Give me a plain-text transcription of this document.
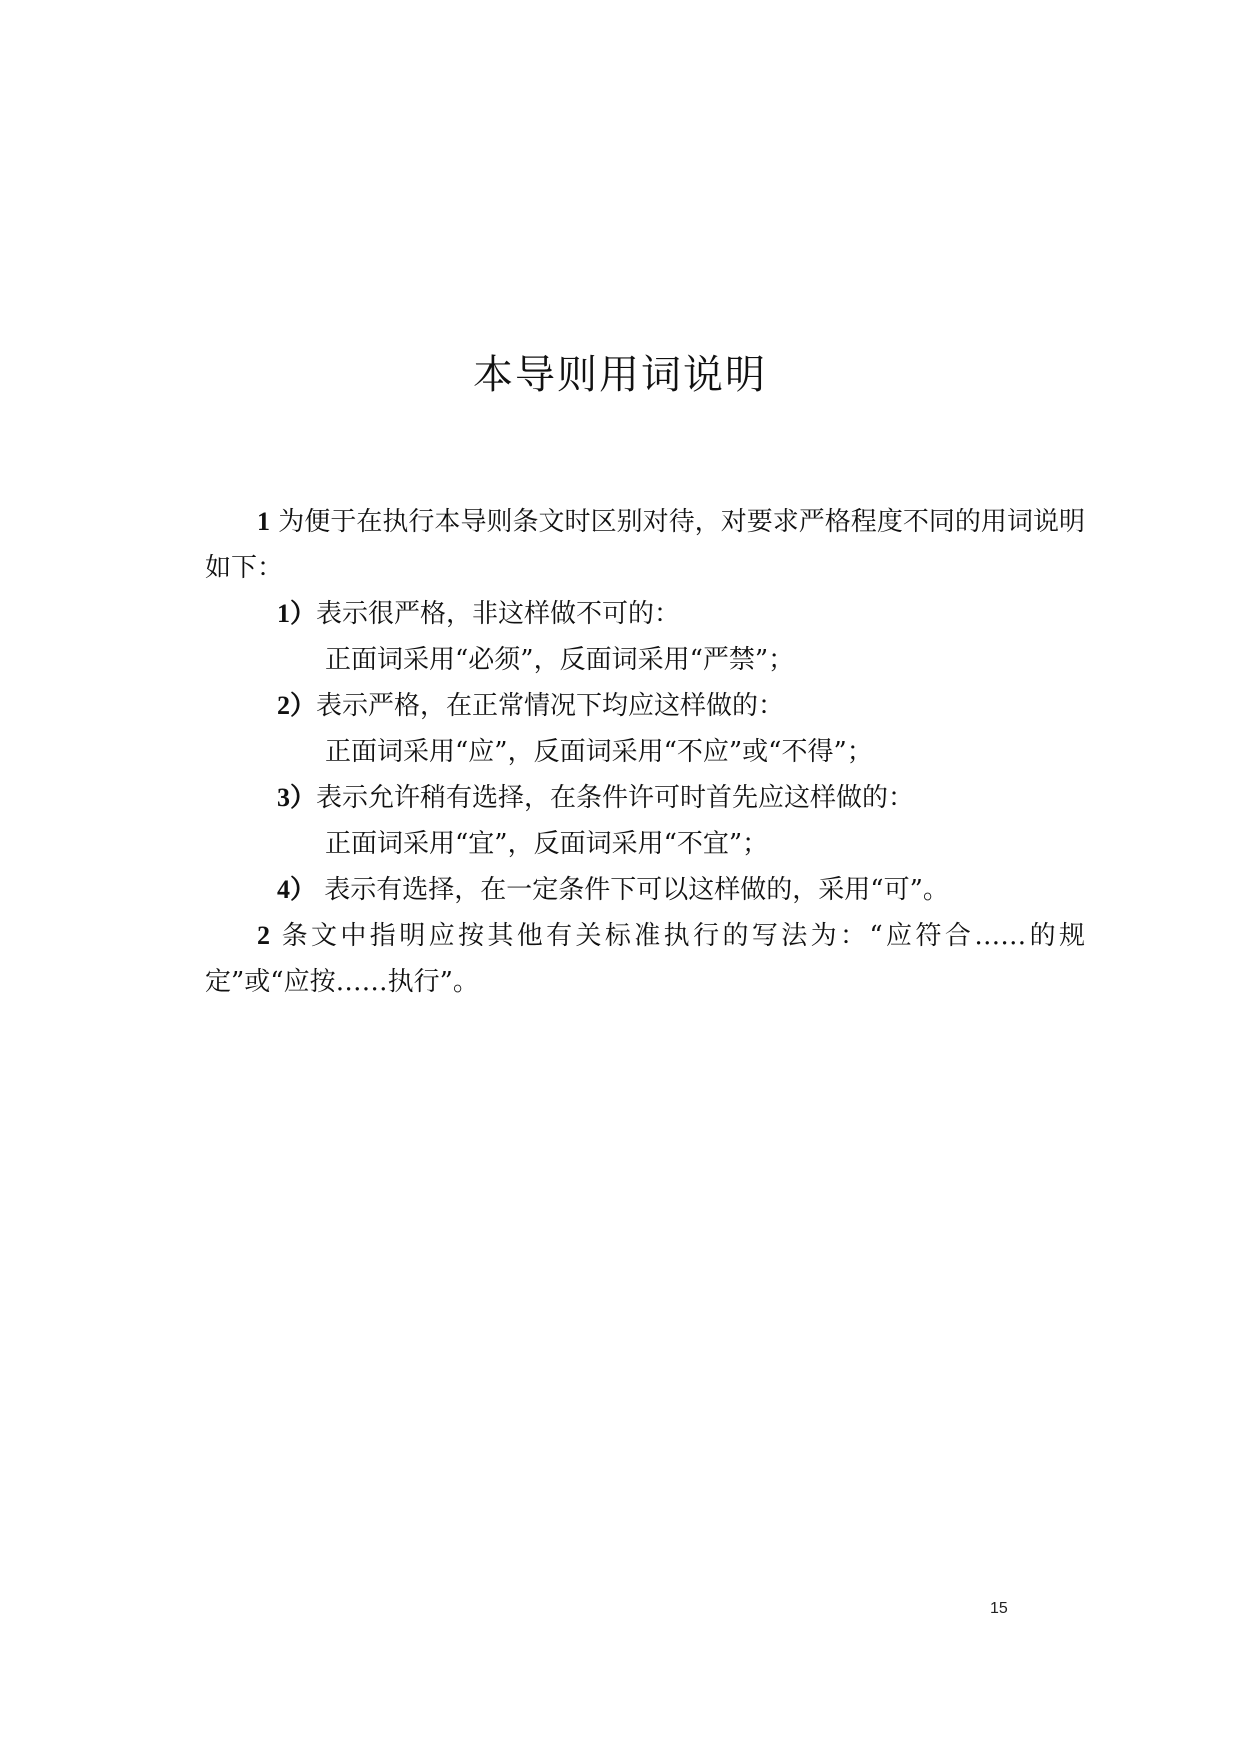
本导则用词说明

1 为便于在执行本导则条文时区别对待，对要求严格程度不同的用词说明如下：

1）表示很严格，非这样做不可的：

正面词采用“必须”，反面词采用“严禁”；

2）表示严格，在正常情况下均应这样做的：

正面词采用“应”，反面词采用“不应”或“不得”；

3）表示允许稍有选择，在条件许可时首先应这样做的：

正面词采用“宜”，反面词采用“不宜”；

4） 表示有选择，在一定条件下可以这样做的，采用“可”。

2 条文中指明应按其他有关标准执行的写法为：“应符合……的规定”或“应按……执行”。

15
